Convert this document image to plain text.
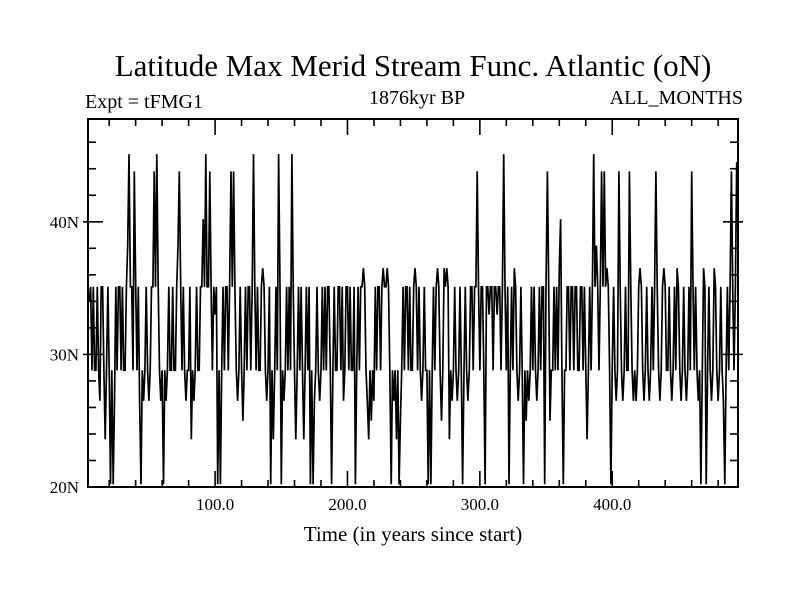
Latitude Max Merid Stream Func. Atlantic (oN)
Expt = tFMG1	1876kyr BP	ALL_MONTHS
Time (in years since start)
100.0	200.0	300.0	400.0
20N
30N
40N
